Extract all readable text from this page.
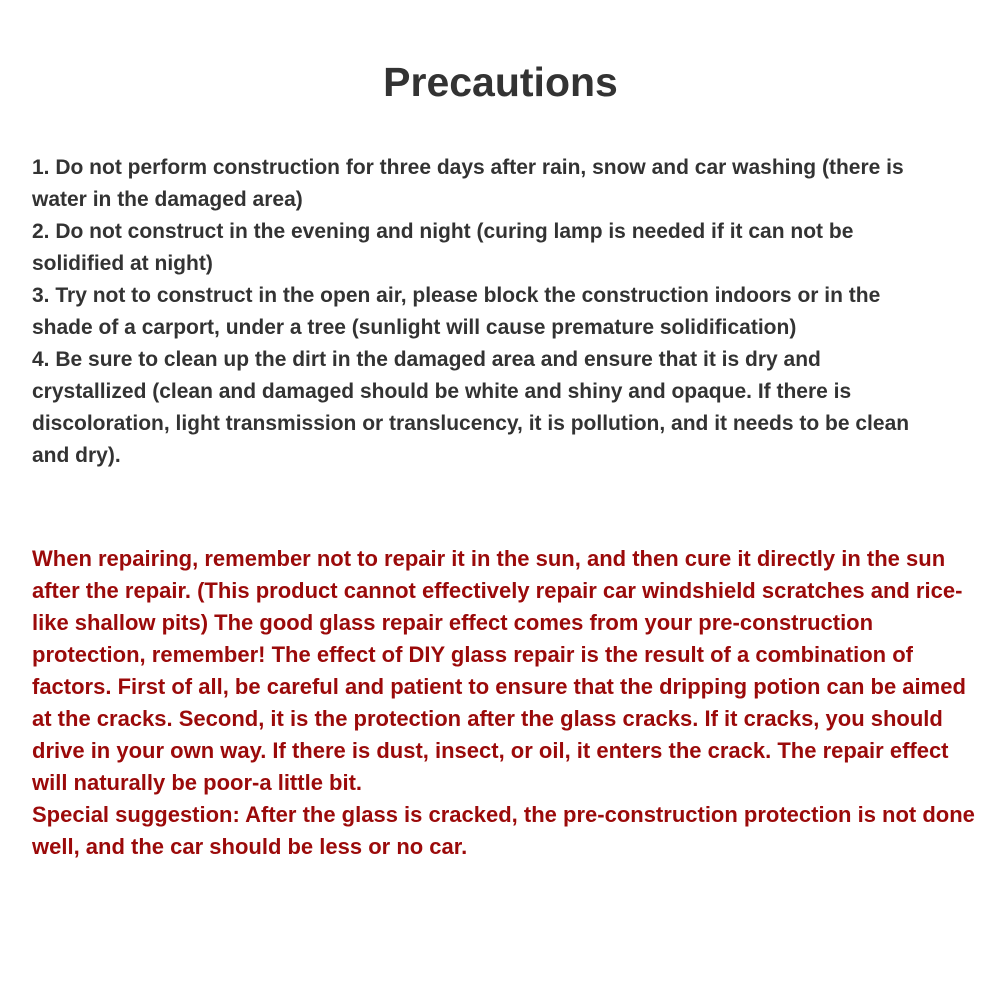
Precautions
1. Do not perform construction for three days after rain, snow and car washing (there is water in the damaged area)
2. Do not construct in the evening and night (curing lamp is needed if it can not be solidified at night)
3. Try not to construct in the open air, please block the construction indoors or in the shade of a carport, under a tree (sunlight will cause premature solidification)
4. Be sure to clean up the dirt in the damaged area and ensure that it is dry and crystallized (clean and damaged should be white and shiny and opaque. If there is discoloration, light transmission or translucency, it is pollution, and it needs to be clean and dry).

When repairing, remember not to repair it in the sun, and then cure it directly in the sun after the repair. (This product cannot effectively repair car windshield scratches and rice-like shallow pits) The good glass repair effect comes from your pre-construction protection, remember! The effect of DIY glass repair is the result of a combination of factors. First of all, be careful and patient to ensure that the dripping potion can be aimed at the cracks. Second, it is the protection after the glass cracks. If it cracks, you should drive in your own way. If there is dust, insect, or oil, it enters the crack. The repair effect will naturally be poor-a little bit.

Special suggestion: After the glass is cracked, the pre-construction protection is not done well, and the car should be less or no car.
